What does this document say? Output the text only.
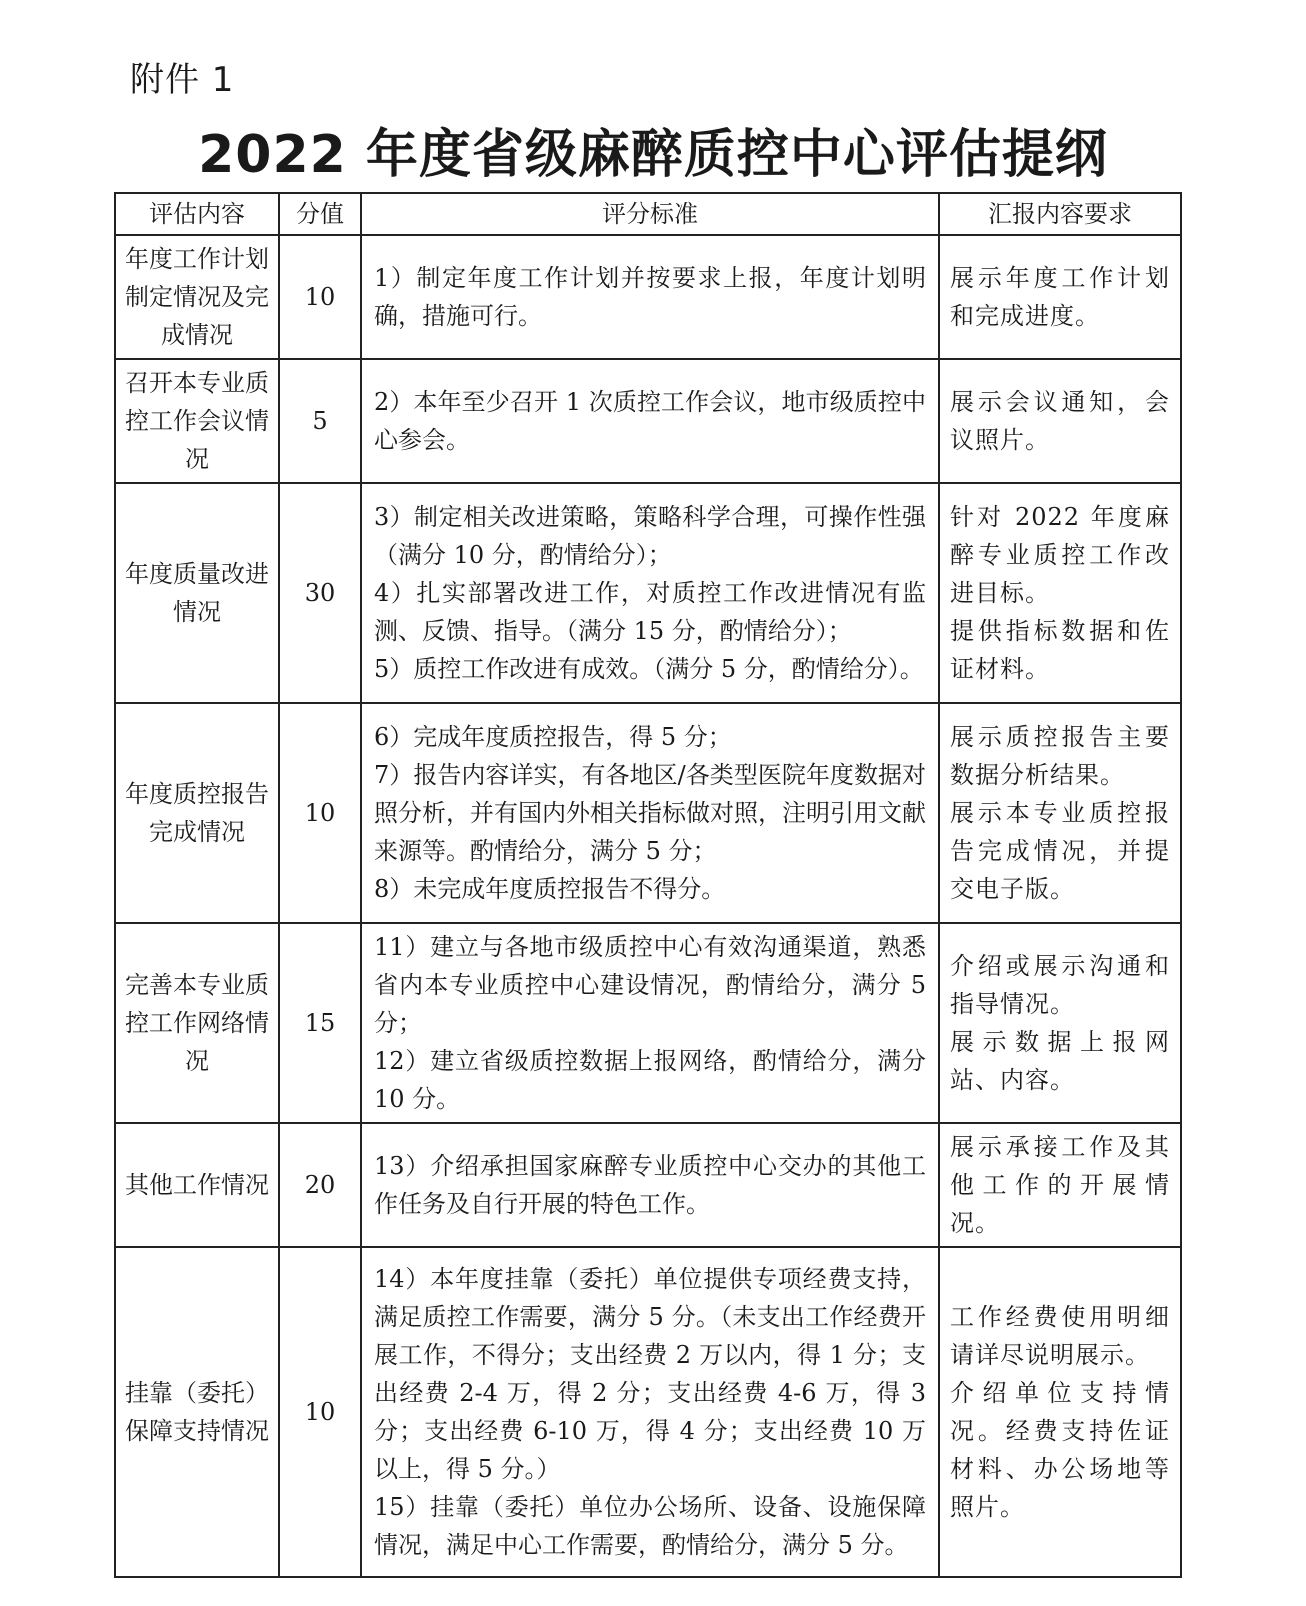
附件 1
2022 年度省级麻醉质控中心评估提纲
评估内容	分值	评分标准	汇报内容要求
年度工作计划制定情况及完成情况	10	1）制定年度工作计划并按要求上报，年度计划明确，措施可行。	展示年度工作计划和完成进度。

召开本专业质控工作会议情况	5	2）本年至少召开 1 次质控工作会议，地市级质控中心参会。	展示会议通知，会议照片。

年度质量改进情况	30	3）制定相关改进策略，策略科学合理，可操作性强（满分 10 分，酌情给分）；
4）扎实部署改进工作，对质控工作改进情况有监测、反馈、指导。（满分 15 分，酌情给分）；
5）质控工作改进有成效。（满分 5 分，酌情给分）。	针对 2022 年度麻醉专业质控工作改进目标。
提供指标数据和佐证材料。

年度质控报告完成情况	10	6）完成年度质控报告，得 5 分；
7）报告内容详实，有各地区/各类型医院年度数据对照分析，并有国内外相关指标做对照，注明引用文献来源等。酌情给分，满分 5 分；
8）未完成年度质控报告不得分。	展示质控报告主要数据分析结果。
展示本专业质控报告完成情况，并提交电子版。

完善本专业质控工作网络情况	15	11）建立与各地市级质控中心有效沟通渠道，熟悉省内本专业质控中心建设情况，酌情给分，满分 5 分；
12）建立省级质控数据上报网络，酌情给分，满分 10 分。	介绍或展示沟通和指导情况。
展示数据上报网站、内容。

其他工作情况	20	13）介绍承担国家麻醉专业质控中心交办的其他工作任务及自行开展的特色工作。	展示承接工作及其他工作的开展情况。

挂靠（委托）保障支持情况	10	14）本年度挂靠（委托）单位提供专项经费支持，满足质控工作需要，满分 5 分。（未支出工作经费开展工作，不得分；支出经费 2 万以内，得 1 分；支出经费 2-4 万，得 2 分；支出经费 4-6 万，得 3 分；支出经费 6-10 万，得 4 分；支出经费 10 万以上，得 5 分。）
15）挂靠（委托）单位办公场所、设备、设施保障情况，满足中心工作需要，酌情给分，满分 5 分。	工作经费使用明细请详尽说明展示。
介绍单位支持情况。经费支持佐证材料、办公场地等照片。
